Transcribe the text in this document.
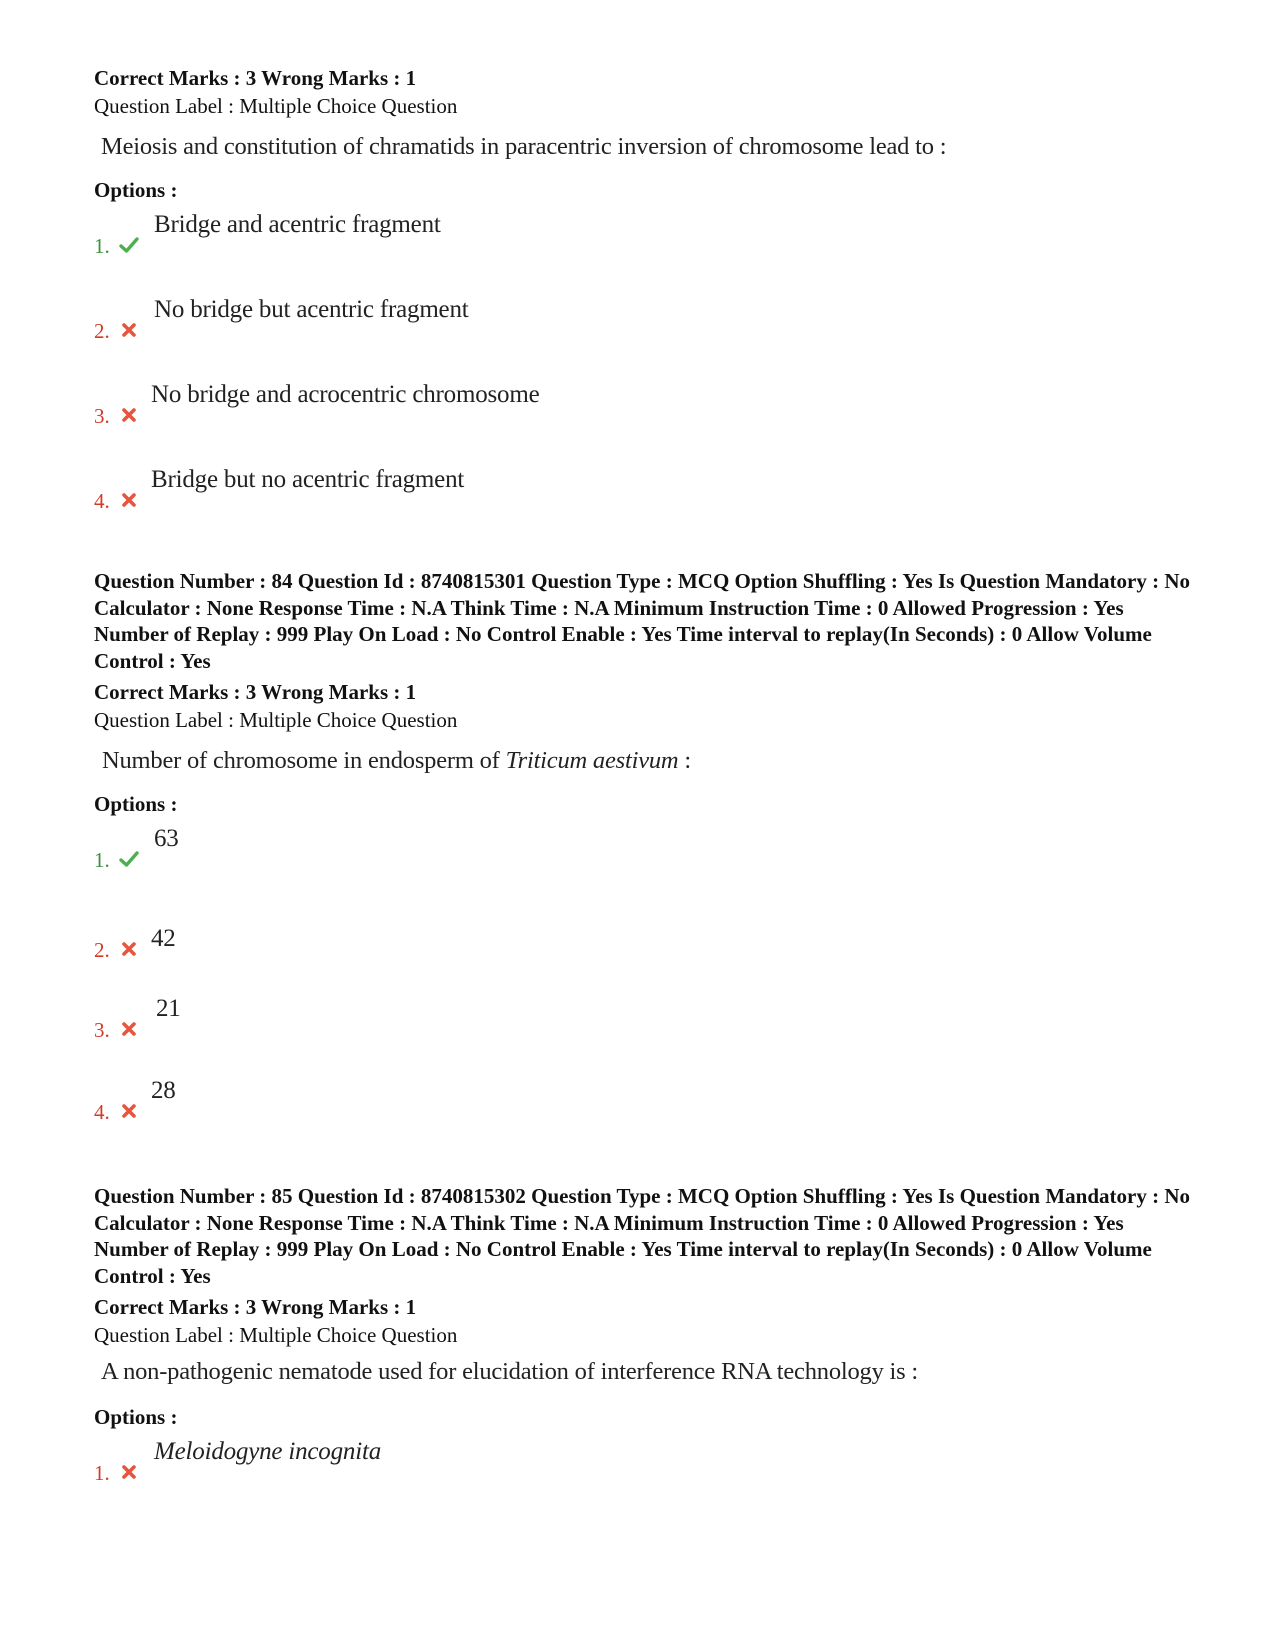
Correct Marks : 3 Wrong Marks : 1

Question Label : Multiple Choice Question

Meiosis and constitution of chramatids in paracentric inversion of chromosome lead to :

Options :

1.
Bridge and acentric fragment
2.
No bridge but acentric fragment
3.
No bridge and acrocentric chromosome
4.
Bridge but no acentric fragment

Question Number : 84 Question Id : 8740815301 Question Type : MCQ Option Shuffling : Yes Is Question Mandatory : No Calculator : None Response Time : N.A Think Time : N.A Minimum Instruction Time : 0 Allowed Progression : Yes Number of Replay : 999 Play On Load : No Control Enable : Yes Time interval to replay(In Seconds) : 0 Allow Volume Control : Yes

Correct Marks : 3 Wrong Marks : 1

Question Label : Multiple Choice Question

Number of chromosome in endosperm of Triticum aestivum :

Options :

1.
63
2. 42
3.
21
4.
28

Question Number : 85 Question Id : 8740815302 Question Type : MCQ Option Shuffling : Yes Is Question Mandatory : No Calculator : None Response Time : N.A Think Time : N.A Minimum Instruction Time : 0 Allowed Progression : Yes Number of Replay : 999 Play On Load : No Control Enable : Yes Time interval to replay(In Seconds) : 0 Allow Volume Control : Yes

Correct Marks : 3 Wrong Marks : 1

Question Label : Multiple Choice Question

A non-pathogenic nematode used for elucidation of interference RNA technology is :

Options :

1.
Meloidogyne incognita
